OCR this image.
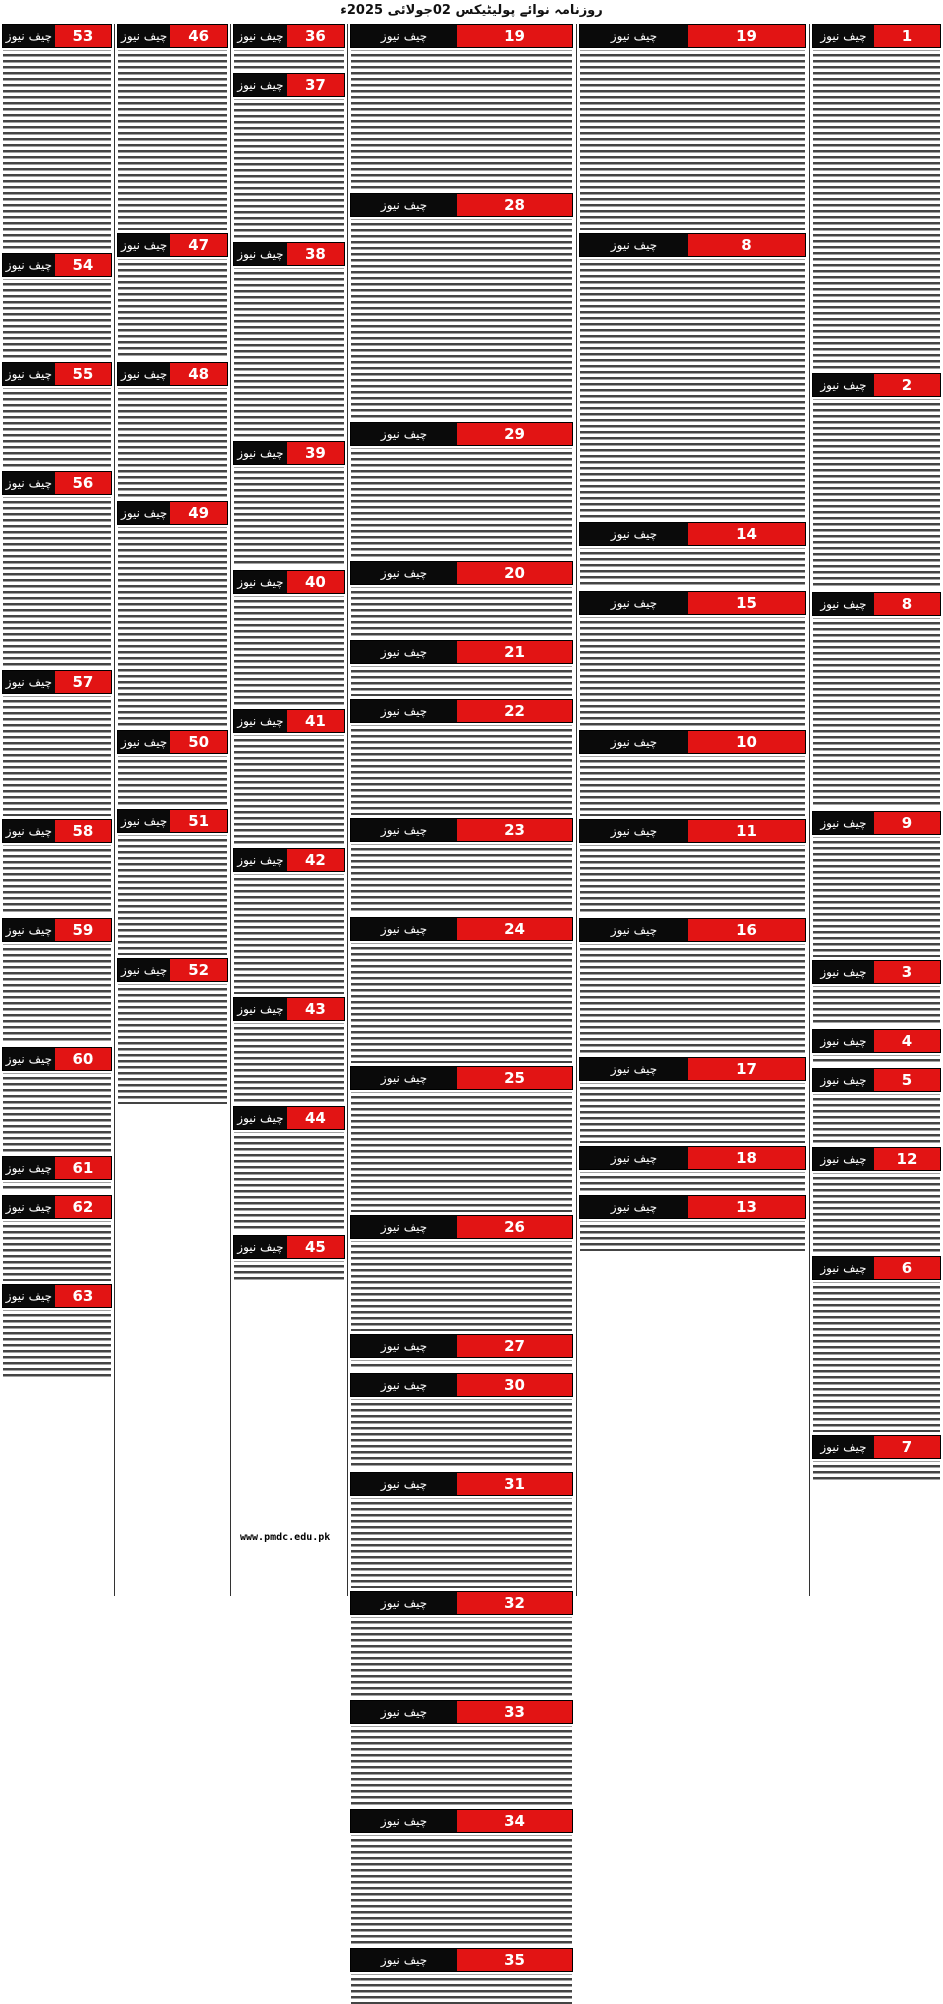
روزنامہ نوائے پولیٹیکس 02جولائی 2025ء
چیف نیوز	1
چیف نیوز	2
چیف نیوز	8
چیف نیوز	9
چیف نیوز	3
چیف نیوز	4
چیف نیوز	5
چیف نیوز	12
چیف نیوز	6
چیف نیوز	7
چیف نیوز	19
چیف نیوز	8
چیف نیوز	14
چیف نیوز	15
چیف نیوز	10
چیف نیوز	11
چیف نیوز	16
چیف نیوز	17
چیف نیوز	18
چیف نیوز	13
چیف نیوز	19
چیف نیوز	28
چیف نیوز	29
چیف نیوز	20
چیف نیوز	21
چیف نیوز	22
چیف نیوز	23
چیف نیوز	24
چیف نیوز	25
چیف نیوز	26
چیف نیوز	27
چیف نیوز	30
چیف نیوز	31
چیف نیوز	32
چیف نیوز	33
چیف نیوز	34
چیف نیوز	35
چیف نیوز	36
چیف نیوز	37
چیف نیوز	38
چیف نیوز	39
چیف نیوز	40
چیف نیوز	41
چیف نیوز	42
چیف نیوز	43
چیف نیوز	44
چیف نیوز	45
چیف نیوز	46
چیف نیوز	47
چیف نیوز	48
چیف نیوز	49
چیف نیوز	50
چیف نیوز	51
چیف نیوز	52
چیف نیوز	53
چیف نیوز	54
چیف نیوز	55
چیف نیوز	56
چیف نیوز	57
چیف نیوز	58
چیف نیوز	59
چیف نیوز	60
چیف نیوز	61
چیف نیوز	62
چیف نیوز	63
www.pmdc.edu.pk
